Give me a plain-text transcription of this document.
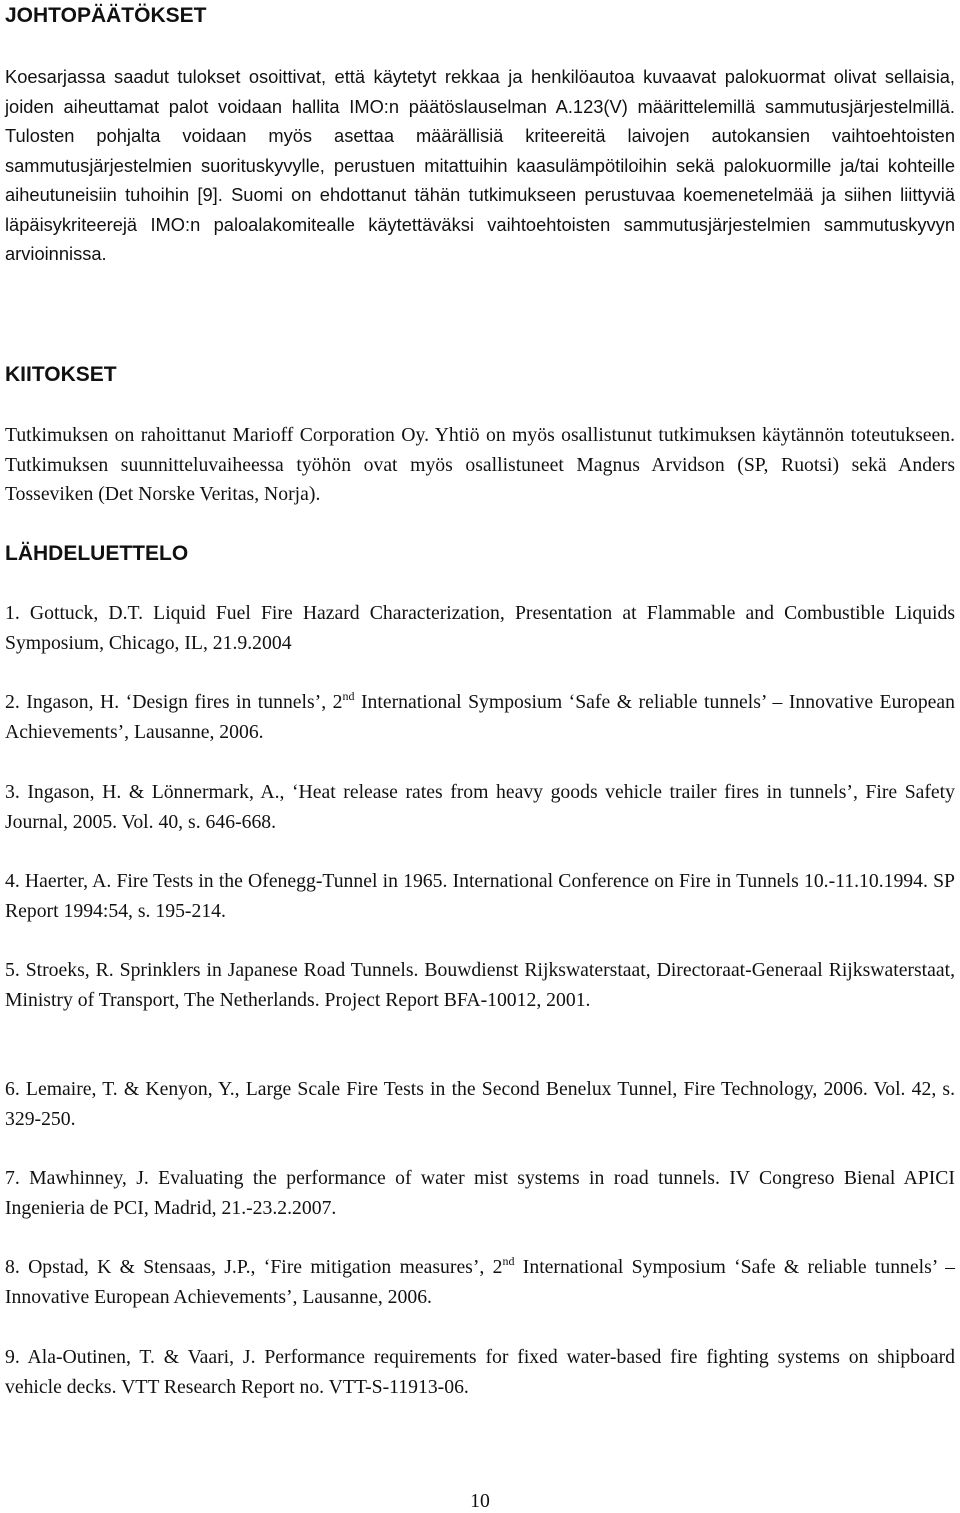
JOHTOPÄÄTÖKSET

Koesarjassa saadut tulokset osoittivat, että käytetyt rekkaa ja henkilöautoa kuvaavat palokuormat olivat sellaisia, joiden aiheuttamat palot voidaan hallita IMO:n päätöslauselman A.123(V) määrittelemillä sammutusjärjestelmillä. Tulosten pohjalta voidaan myös asettaa määrällisiä kriteereitä laivojen autokansien vaihtoehtoisten sammutusjärjestelmien suorituskyvylle, perustuen mitattuihin kaasulämpötiloihin sekä palokuormille ja/tai kohteille aiheutuneisiin tuhoihin [9]. Suomi on ehdottanut tähän tutkimukseen perustuvaa koemenetelmää ja siihen liittyviä läpäisykriteerejä IMO:n paloalakomitealle käytettäväksi vaihtoehtoisten sammutusjärjestelmien sammutuskyvyn arvioinnissa.

KIITOKSET

Tutkimuksen on rahoittanut Marioff Corporation Oy. Yhtiö on myös osallistunut tutkimuksen käytännön toteutukseen. Tutkimuksen suunnitteluvaiheessa työhön ovat myös osallistuneet Magnus Arvidson (SP, Ruotsi) sekä Anders Tosseviken (Det Norske Veritas, Norja).

LÄHDELUETTELO

1. Gottuck, D.T. Liquid Fuel Fire Hazard Characterization, Presentation at Flammable and Combustible Liquids Symposium, Chicago, IL, 21.9.2004

2. Ingason, H. ‘Design fires in tunnels’, 2nd International Symposium ‘Safe & reliable tunnels’ – Innovative European Achievements’, Lausanne, 2006.

3. Ingason, H. & Lönnermark, A., ‘Heat release rates from heavy goods vehicle trailer fires in tunnels’, Fire Safety Journal, 2005. Vol. 40, s. 646-668.

4. Haerter, A. Fire Tests in the Ofenegg-Tunnel in 1965. International Conference on Fire in Tunnels 10.-11.10.1994. SP Report 1994:54, s. 195-214.

5. Stroeks, R. Sprinklers in Japanese Road Tunnels. Bouwdienst Rijkswaterstaat, Directoraat-Generaal Rijkswaterstaat, Ministry of Transport, The Netherlands. Project Report BFA-10012, 2001.

6. Lemaire, T. & Kenyon, Y., Large Scale Fire Tests in the Second Benelux Tunnel, Fire Technology, 2006. Vol. 42, s. 329-250.

7. Mawhinney, J. Evaluating the performance of water mist systems in road tunnels. IV Congreso Bienal APICI Ingenieria de PCI, Madrid, 21.-23.2.2007.

8. Opstad, K & Stensaas, J.P., ‘Fire mitigation measures’, 2nd International Symposium ‘Safe & reliable tunnels’ – Innovative European Achievements’, Lausanne, 2006.

9. Ala-Outinen, T. & Vaari, J. Performance requirements for fixed water-based fire fighting systems on shipboard vehicle decks. VTT Research Report no. VTT-S-11913-06.

10
